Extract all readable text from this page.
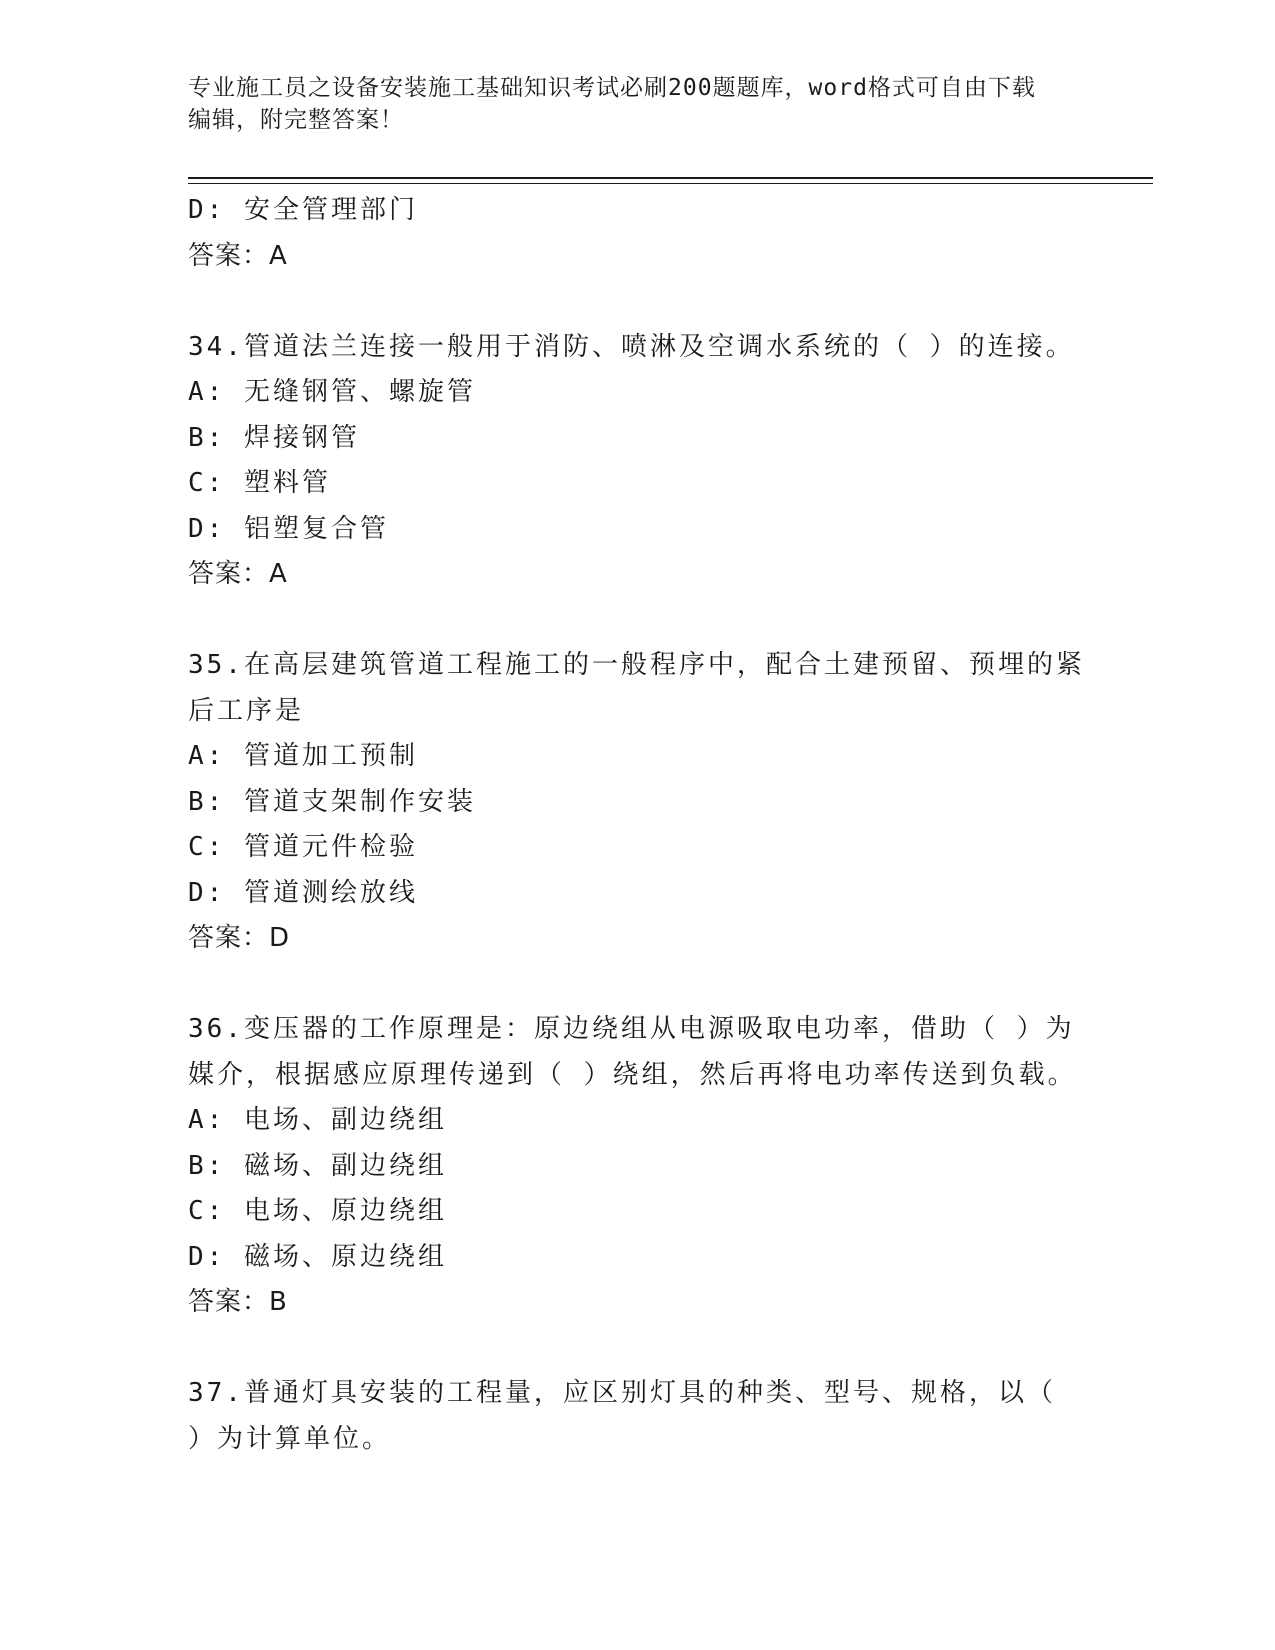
专业施工员之设备安装施工基础知识考试必刷200题题库，word格式可自由下载
编辑，附完整答案！
D: 安全管理部门
答案：A
34.管道法兰连接一般用于消防、喷淋及空调水系统的（ ）的连接。
A: 无缝钢管、螺旋管
B: 焊接钢管
C: 塑料管
D: 铝塑复合管
答案：A
35.在高层建筑管道工程施工的一般程序中，配合土建预留、预埋的紧
后工序是
A: 管道加工预制
B: 管道支架制作安装
C: 管道元件检验
D: 管道测绘放线
答案：D
36.变压器的工作原理是：原边绕组从电源吸取电功率，借助（ ）为
媒介，根据感应原理传递到（ ）绕组，然后再将电功率传送到负载。
A: 电场、副边绕组
B: 磁场、副边绕组
C: 电场、原边绕组
D: 磁场、原边绕组
答案：B
37.普通灯具安装的工程量，应区别灯具的种类、型号、规格，以（
）为计算单位。
